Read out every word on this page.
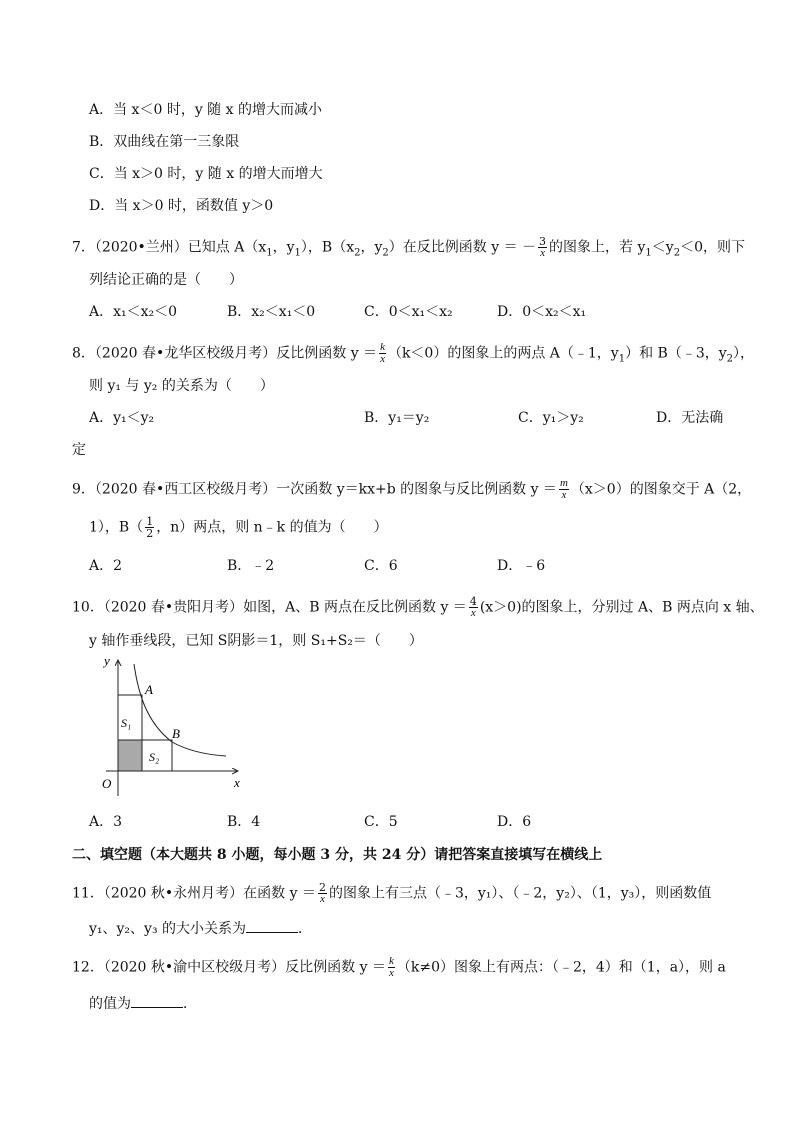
A．当 x＜0 时，y 随 x 的增大而减小
B．双曲线在第一三象限
C．当 x＞0 时，y 随 x 的增大而增大
D．当 x＞0 时，函数值 y＞0
7．（2020•兰州）已知点 $A(x_1$，$y_1$），$B(x_2$，$y_2$）在反比例函数 y ＝ － $\frac{3}{x}$ 的图象上，若 $y_1<y_2<0$，则下
列结论正确的是（　　）
A．x₁＜x₂＜0	B．x₂＜x₁＜0	C．0＜x₁＜x₂	D．0＜x₂＜x₁
8．（2020 春•龙华区校级月考）反比例函数 $y = \frac{k}{x} (k<0)$的图象上的两点 A（﹣1，$y_1$）和 B（﹣3，$y_2$），
则 y₁ 与 y₂ 的关系为（　　）
A．y₁＜y₂	B．y₁＝y₂	C．y₁＞y₂	D．无法确
定
9．（2020 春•西工区校级月考）一次函数 y＝kx+b 的图象与反比例函数 $y = \frac{m}{x} (x>0)$的图象交于 A（2，
1），$B( \frac{1}{2}$ ，n）两点，则 n﹣k 的值为（　　）
A．2	B．﹣2	C．6	D．﹣6
10．（2020 春•贵阳月考）如图，A、B 两点在反比例函数 $y = \frac{4}{x} (x>0)$的图象上，分别过 A、B 两点向 x 轴、
y 轴作垂线段，已知 S阴影＝1，则 S₁+S₂＝（　　）
y
A
B
S₁
S₂
O	x
A．3	B．4	C．5	D．6
二、填空题（本大题共 8 小题，每小题 3 分，共 24 分）请把答案直接填写在横线上
11．（2020 秋•永州月考）在函数 $y = \frac{2}{x}$ 的图象上有三点（﹣3，y₁）、（﹣2，y₂）、（1，y₃），则函数值
y₁、y₂、y₃ 的大小关系为	．
12．（2020 秋•渝中区校级月考）反比例函数 $y = \frac{k}{x} (k\ne 0)$图象上有两点：（﹣2，4）和（1，a），则 a
的值为	．
